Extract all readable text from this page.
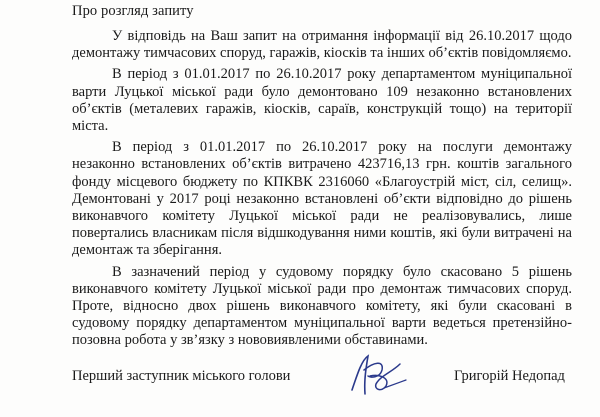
Про розгляд запиту

У відповідь на Ваш запит на отримання інформації від 26.10.2017 щодо демонтажу тимчасових споруд, гаражів, кіосків та інших об’єктів повідомляємо.

В період з 01.01.2017 по 26.10.2017 року департаментом муніципальної варти Луцької міської ради було демонтовано 109 незаконно встановлених об’єктів (металевих гаражів, кіосків, сараїв, конструкцій тощо) на території міста.

В період з 01.01.2017 по 26.10.2017 року на послуги демонтажу незаконно встановлених об’єктів витрачено 423716,13 грн. коштів загального фонду місцевого бюджету по КПКВК 2316060 «Благоустрій міст, сіл, селищ». Демонтовані у 2017 році незаконно встановлені об’єкти відповідно до рішень виконавчого комітету Луцької міської ради не реалізовувались, лише повертались власникам після відшкодування ними коштів, які були витрачені на демонтаж та зберігання.

В зазначений період у судовому порядку було скасовано 5 рішень виконавчого комітету Луцької міської ради про демонтаж тимчасових споруд. Проте, відносно двох рішень виконавчого комітету, які були скасовані в судовому порядку департаментом муніципальної варти ведеться претензійно-позовна робота у зв’язку з нововиявленими обставинами.

Перший заступник міського голови	Григорій Недопад
